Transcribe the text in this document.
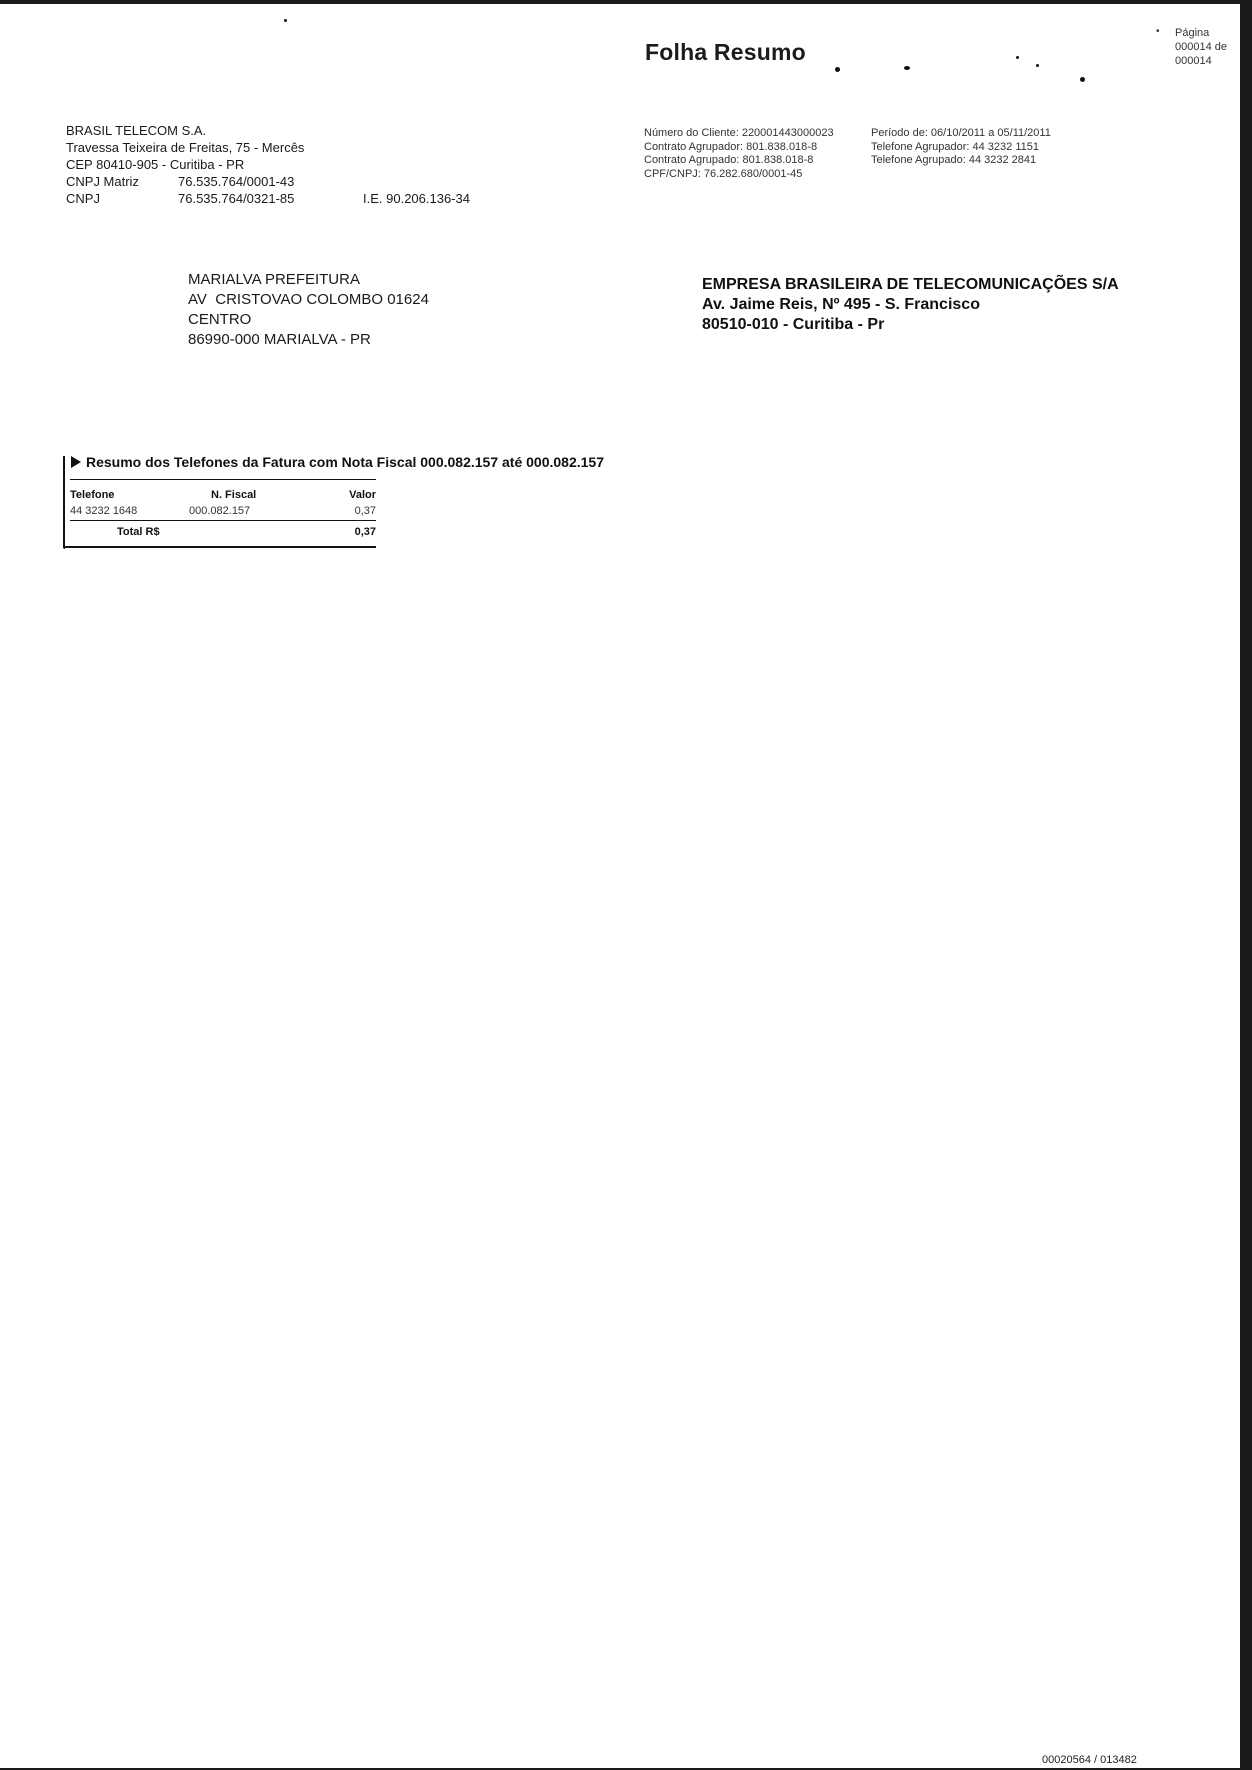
Folha Resumo
• Página
000014 de
000014
BRASIL TELECOM S.A.
Travessa Teixeira de Freitas, 75 - Mercês
CEP 80410-905 - Curitiba - PR
CNPJ Matriz	76.535.764/0001-43
CNPJ	76.535.764/0321-85	I.E. 90.206.136-34
Número do Cliente: 220001443000023
Contrato Agrupador: 801.838.018-8
Contrato Agrupado: 801.838.018-8
CPF/CNPJ: 76.282.680/0001-45
Período de: 06/10/2011 a 05/11/2011
Telefone Agrupador: 44 3232 1151
Telefone Agrupado: 44 3232 2841
MARIALVA PREFEITURA
AV  CRISTOVAO COLOMBO 01624
CENTRO
86990-000 MARIALVA - PR
EMPRESA BRASILEIRA DE TELECOMUNICAÇÕES S/A
Av. Jaime Reis, Nº 495 - S. Francisco
80510-010 - Curitiba - Pr
Resumo dos Telefones da Fatura com Nota Fiscal 000.082.157 até 000.082.157
Telefone	N. Fiscal	Valor
44 3232 1648	000.082.157	0,37
Total R$	0,37
00020564 / 013482
